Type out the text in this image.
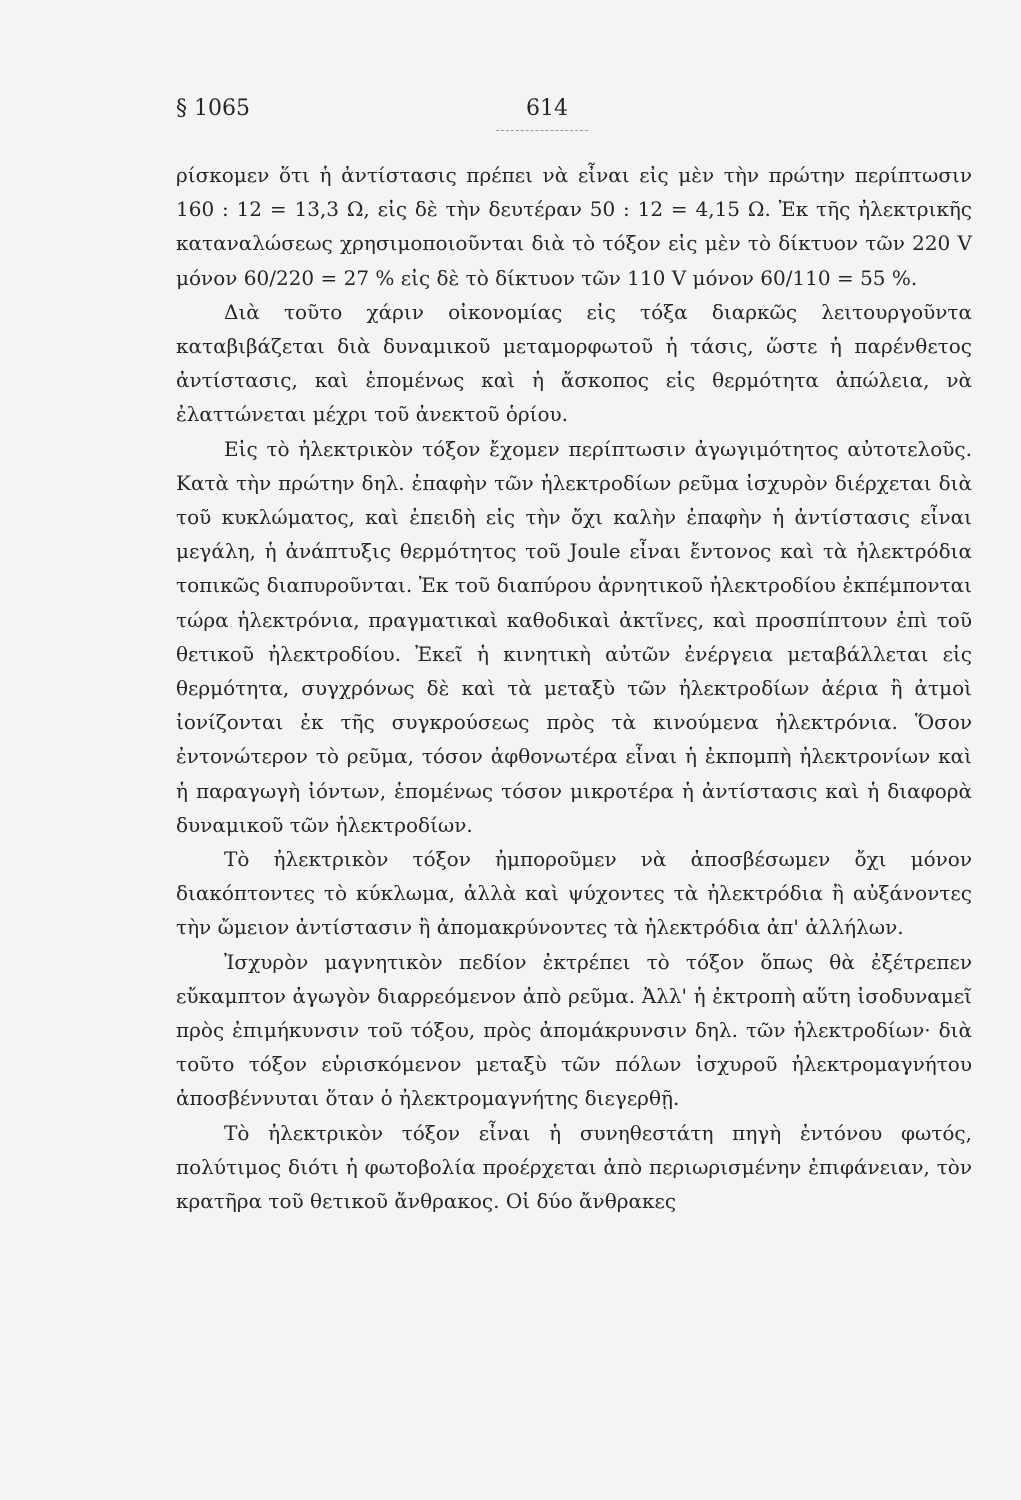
§ 1065	614

ρίσκομεν ὅτι ἡ ἀντίστασις πρέπει νὰ εἶναι εἰς μὲν τὴν πρώτην περίπτωσιν 160 : 12 = 13,3 Ω, εἰς δὲ τὴν δευτέραν 50 : 12 = 4,15 Ω. Ἐκ τῆς ἠλεκτρικῆς καταναλώσεως χρησιμοποιοῦνται διὰ τὸ τόξον εἰς μὲν τὸ δίκτυον τῶν 220 V μόνον 60/220 = 27 % εἰς δὲ τὸ δίκτυον τῶν 110 V μόνον 60/110 = 55 %.

Διὰ τοῦτο χάριν οἰκονομίας εἰς τόξα διαρκῶς λειτουργοῦντα καταβιβάζεται διὰ δυναμικοῦ μεταμορφωτοῦ ἡ τάσις, ὥστε ἡ παρένθετος ἀντίστασις, καὶ ἑπομένως καὶ ἡ ἄσκοπος εἰς θερμότητα ἀπώλεια, νὰ ἐλαττώνεται μέχρι τοῦ ἀνεκτοῦ ὁρίου.

Εἰς τὸ ἠλεκτρικὸν τόξον ἔχομεν περίπτωσιν ἀγωγιμότητος αὐτοτελοῦς. Κατὰ τὴν πρώτην δηλ. ἐπαφὴν τῶν ἠλεκτροδίων ρεῦμα ἰσχυρὸν διέρχεται διὰ τοῦ κυκλώματος, καὶ ἐπειδὴ εἰς τὴν ὄχι καλὴν ἐπαφὴν ἡ ἀντίστασις εἶναι μεγάλη, ἡ ἀνάπτυξις θερμότητος τοῦ Joule εἶναι ἔντονος καὶ τὰ ἠλεκτρόδια τοπικῶς διαπυροῦνται. Ἐκ τοῦ διαπύρου ἀρνητικοῦ ἠλεκτροδίου ἐκπέμπονται τώρα ἠλεκτρόνια, πραγματικαὶ καθοδικαὶ ἀκτῖνες, καὶ προσπίπτουν ἐπὶ τοῦ θετικοῦ ἠλεκτροδίου. Ἐκεῖ ἡ κινητικὴ αὐτῶν ἐνέργεια μεταβάλλεται εἰς θερμότητα, συγχρόνως δὲ καὶ τὰ μεταξὺ τῶν ἠλεκτροδίων ἀέρια ἢ ἀτμοὶ ἰονίζονται ἐκ τῆς συγκρούσεως πρὸς τὰ κινούμενα ἠλεκτρόνια. Ὅσον ἐντονώτερον τὸ ρεῦμα, τόσον ἀφθονωτέρα εἶναι ἡ ἐκπομπὴ ἠλεκτρονίων καὶ ἡ παραγωγὴ ἰόντων, ἑπομένως τόσον μικροτέρα ἡ ἀντίστασις καὶ ἡ διαφορὰ δυναμικοῦ τῶν ἠλεκτροδίων.

Τὸ ἠλεκτρικὸν τόξον ἠμποροῦμεν νὰ ἀποσβέσωμεν ὄχι μόνον διακόπτοντες τὸ κύκλωμα, ἀλλὰ καὶ ψύχοντες τὰ ἠλεκτρόδια ἢ αὐξάνοντες τὴν ὤμειον ἀντίστασιν ἢ ἀπομακρύνοντες τὰ ἠλεκτρόδια ἀπ' ἀλλήλων.

Ἰσχυρὸν μαγνητικὸν πεδίον ἐκτρέπει τὸ τόξον ὅπως θὰ ἐξέτρεπεν εὔκαμπτον ἀγωγὸν διαρρεόμενον ἀπὸ ρεῦμα. Ἀλλ' ἡ ἐκτροπὴ αὕτη ἰσοδυναμεῖ πρὸς ἐπιμήκυνσιν τοῦ τόξου, πρὸς ἀπομάκρυνσιν δηλ. τῶν ἠλεκτροδίων· διὰ τοῦτο τόξον εὑρισκόμενον μεταξὺ τῶν πόλων ἰσχυροῦ ἠλεκτρομαγνήτου ἀποσβέννυται ὅταν ὁ ἠλεκτρομαγνήτης διεγερθῇ.

Τὸ ἠλεκτρικὸν τόξον εἶναι ἡ συνηθεστάτη πηγὴ ἐντόνου φωτός, πολύτιμος διότι ἡ φωτοβολία προέρχεται ἀπὸ περιωρισμένην ἐπιφάνειαν, τὸν κρατῆρα τοῦ θετικοῦ ἄνθρακος. Οἱ δύο ἄνθρακες
